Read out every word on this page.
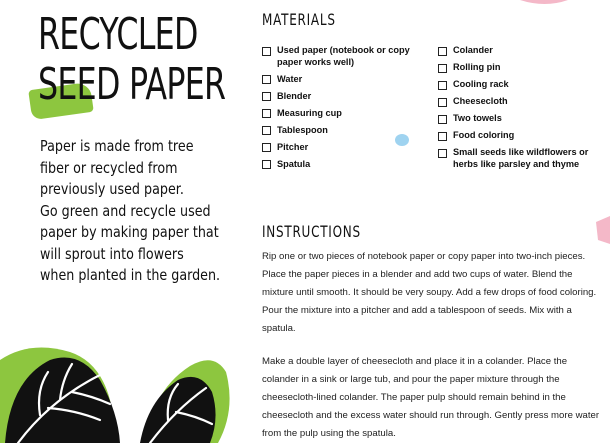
RECYCLED
SEED PAPER
Paper is made from tree
fiber or recycled from
previously used paper.
Go green and recycle used
paper by making paper that
will sprout into flowers
when planted in the garden.
MATERIALS
Used paper (notebook or copy paper works well)
Water
Blender
Measuring cup
Tablespoon
Pitcher
Spatula
Colander
Rolling pin
Cooling rack
Cheesecloth
Two towels
Food coloring
Small seeds like wildflowers or herbs like parsley and thyme
INSTRUCTIONS

Rip one or two pieces of notebook paper or copy paper into two-inch pieces. Place the paper pieces in a blender and add two cups of water. Blend the mixture until smooth. It should be very soupy. Add a few drops of food coloring. Pour the mixture into a pitcher and add a tablespoon of seeds. Mix with a spatula.

Make a double layer of cheesecloth and place it in a colander. Place the colander in a sink or large tub, and pour the paper mixture through the cheesecloth-lined colander. The paper pulp should remain behind in the cheesecloth and the excess water should run through. Gently press more water from the pulp using the spatula.
